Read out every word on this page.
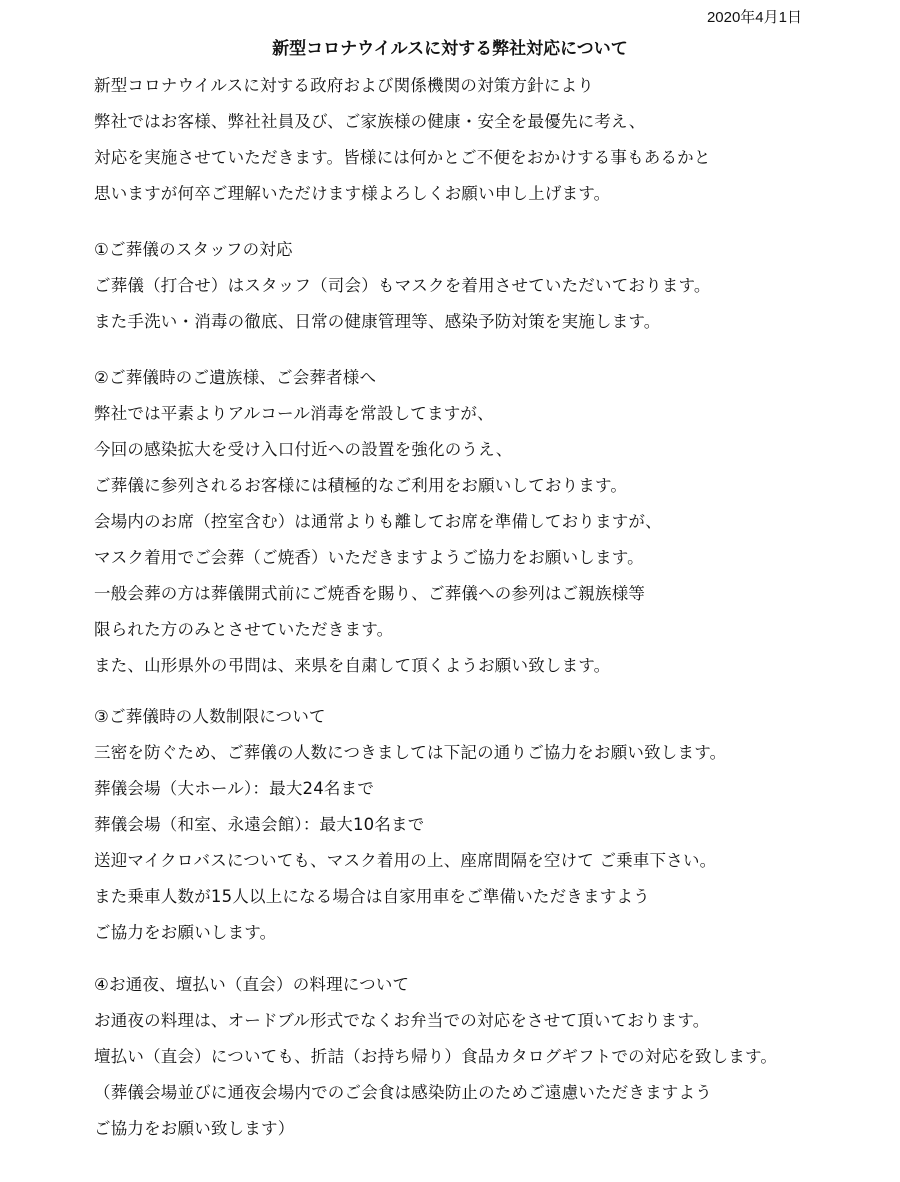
2020年4月1日
新型コロナウイルスに対する弊社対応について
新型コロナウイルスに対する政府および関係機関の対策方針により
弊社ではお客様、弊社社員及び、ご家族様の健康・安全を最優先に考え、
対応を実施させていただきます。皆様には何かとご不便をおかけする事もあるかと
思いますが何卒ご理解いただけます様よろしくお願い申し上げます。
①ご葬儀のスタッフの対応
ご葬儀（打合せ）はスタッフ（司会）もマスクを着用させていただいております。
また手洗い・消毒の徹底、日常の健康管理等、感染予防対策を実施します。
②ご葬儀時のご遺族様、ご会葬者様へ
弊社では平素よりアルコール消毒を常設してますが、
今回の感染拡大を受け入口付近への設置を強化のうえ、
ご葬儀に参列されるお客様には積極的なご利用をお願いしております。
会場内のお席（控室含む）は通常よりも離してお席を準備しておりますが、
マスク着用でご会葬（ご焼香）いただきますようご協力をお願いします。
一般会葬の方は葬儀開式前にご焼香を賜り、ご葬儀への参列はご親族様等
限られた方のみとさせていただきます。
また、山形県外の弔問は、来県を自粛して頂くようお願い致します。
③ご葬儀時の人数制限について
三密を防ぐため、ご葬儀の人数につきましては下記の通りご協力をお願い致します。
葬儀会場（大ホール）：最大24名まで
葬儀会場（和室、永遠会館）：最大10名まで
送迎マイクロバスについても、マスク着用の上、座席間隔を空けて ご乗車下さい。
また乗車人数が15人以上になる場合は自家用車をご準備いただきますよう
ご協力をお願いします。
④お通夜、壇払い（直会）の料理について
お通夜の料理は、オードブル形式でなくお弁当での対応をさせて頂いております。
壇払い（直会）についても、折詰（お持ち帰り）食品カタログギフトでの対応を致します。
（葬儀会場並びに通夜会場内でのご会食は感染防止のためご遠慮いただきますよう
ご協力をお願い致します）
